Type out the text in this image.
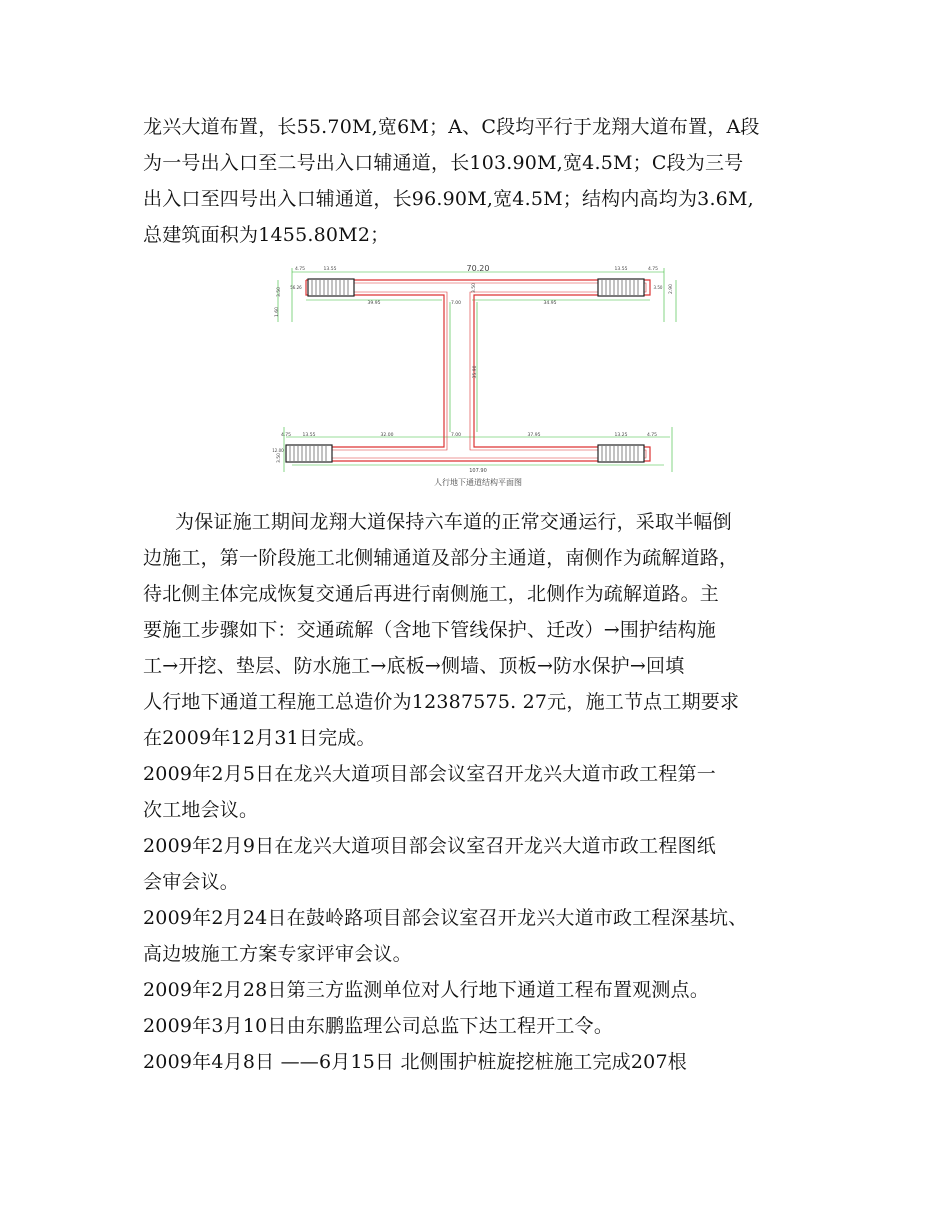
龙兴大道布置，长55.70M,宽6M；A、C段均平行于龙翔大道布置，A段
为一号出入口至二号出入口辅通道，长103.90M,宽4.5M；C段为三号
出入口至四号出入口辅通道，长96.90M,宽4.5M；结构内高均为3.6M,
总建筑面积为1455.80M2；
70.20
4.75	13.55	13.55	4.75
39.95	34.95
7.00
3.50
1.60
3.50
35.90
56.26	3.50 2.90
4.75	13.55	32.00	7.00	37.95	13.25	4.75
12.00
3.50
107.90
人行地下通道结构平面图
为保证施工期间龙翔大道保持六车道的正常交通运行，采取半幅倒
边施工，第一阶段施工北侧辅通道及部分主通道，南侧作为疏解道路，
待北侧主体完成恢复交通后再进行南侧施工，北侧作为疏解道路。主
要施工步骤如下：交通疏解（含地下管线保护、迁改）→围护结构施
工→开挖、垫层、防水施工→底板→侧墙、顶板→防水保护→回填
人行地下通道工程施工总造价为12387575. 27元，施工节点工期要求
在2009年12月31日完成。
2009年2月5日在龙兴大道项目部会议室召开龙兴大道市政工程第一
次工地会议。
2009年2月9日在龙兴大道项目部会议室召开龙兴大道市政工程图纸
会审会议。
2009年2月24日在鼓岭路项目部会议室召开龙兴大道市政工程深基坑、
高边坡施工方案专家评审会议。
2009年2月28日第三方监测单位对人行地下通道工程布置观测点。
2009年3月10日由东鹏监理公司总监下达工程开工令。
2009年4月8日 ——6月15日 北侧围护桩旋挖桩施工完成207根
